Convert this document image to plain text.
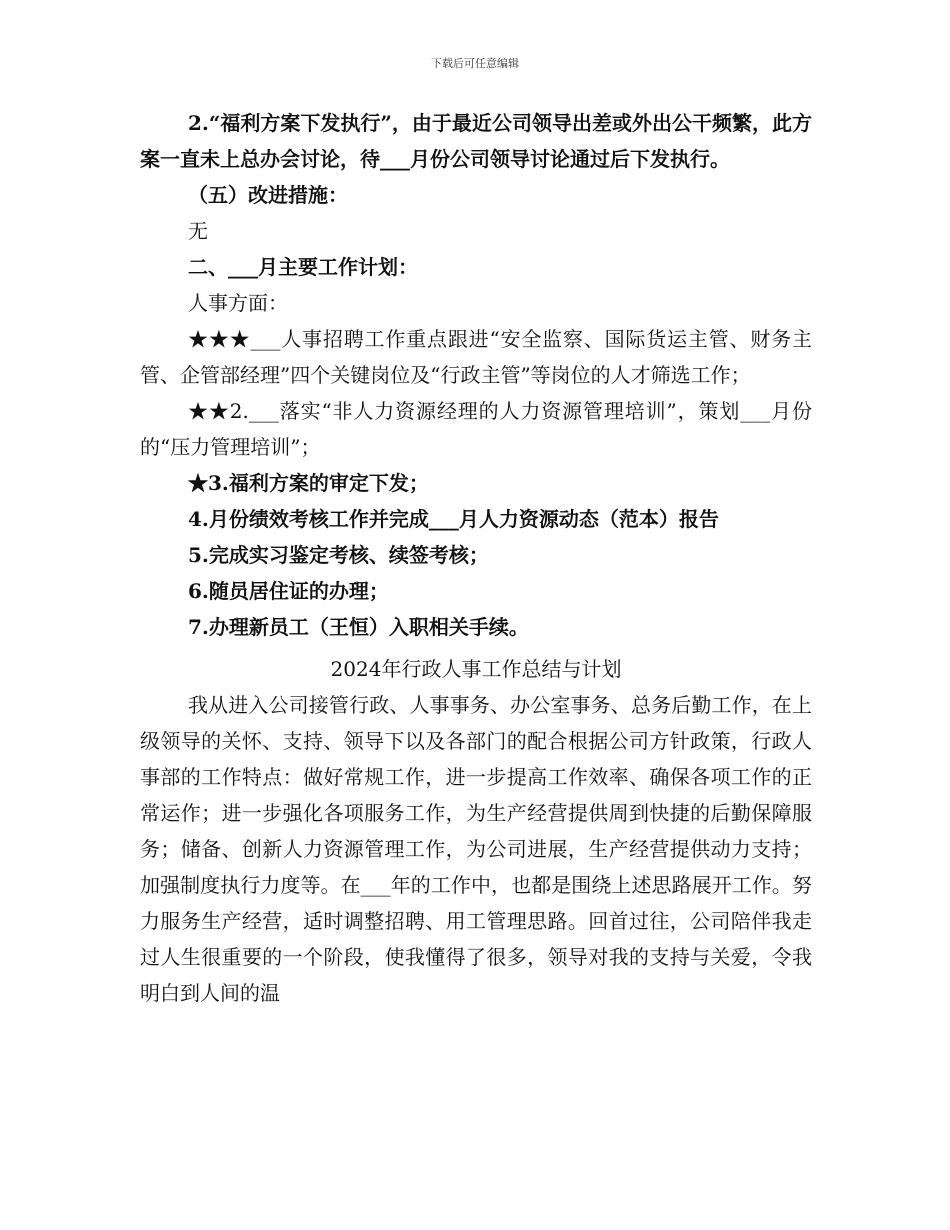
下载后可任意编辑

2.“福利方案下发执行”，由于最近公司领导出差或外出公干频繁，此方案一直未上总办会讨论，待___月份公司领导讨论通过后下发执行。

（五）改进措施：

无

二、___月主要工作计划：

人事方面：

★★★___人事招聘工作重点跟进“安全监察、国际货运主管、财务主管、企管部经理”四个关键岗位及“行政主管”等岗位的人才筛选工作；

★★2.___落实“非人力资源经理的人力资源管理培训”，策划___月份的“压力管理培训”；

★3.福利方案的审定下发；

4.月份绩效考核工作并完成___月人力资源动态（范本）报告

5.完成实习鉴定考核、续签考核；

6.随员居住证的办理；

7.办理新员工（王恒）入职相关手续。

2024年行政人事工作总结与计划

我从进入公司接管行政、人事事务、办公室事务、总务后勤工作，在上级领导的关怀、支持、领导下以及各部门的配合根据公司方针政策，行政人事部的工作特点：做好常规工作，进一步提高工作效率、确保各项工作的正常运作；进一步强化各项服务工作，为生产经营提供周到快捷的后勤保障服务；储备、创新人力资源管理工作，为公司进展，生产经营提供动力支持；加强制度执行力度等。在___年的工作中，也都是围绕上述思路展开工作。努力服务生产经营，适时调整招聘、用工管理思路。回首过往，公司陪伴我走过人生很重要的一个阶段，使我懂得了很多，领导对我的支持与关爱，令我明白到人间的温
